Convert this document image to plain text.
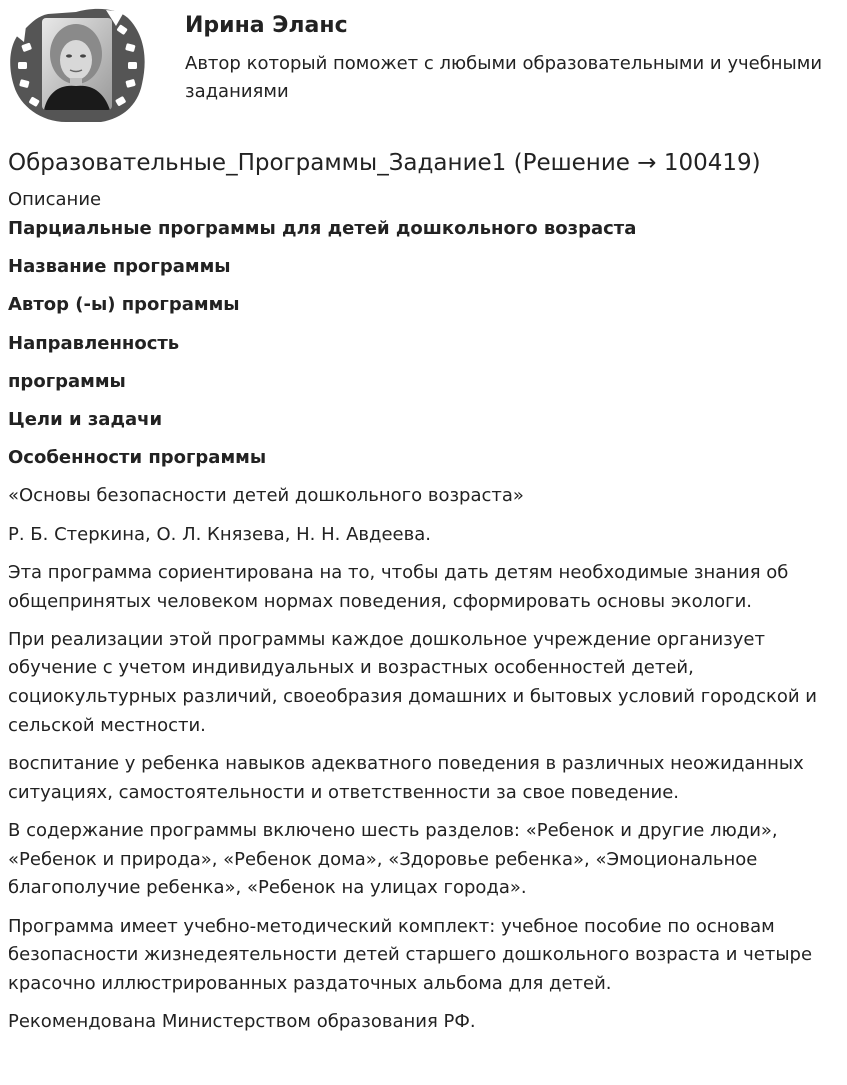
Ирина Эланс
Автор который поможет с любыми образовательными и учебными заданиями
Образовательные_Программы_Задание1 (Решение → 100419)
Описание

Парциальные программы для детей дошкольного возраста

Название программы

Автор (-ы) программы

Направленность

программы

Цели и задачи

Особенности программы

«Основы безопасности детей дошкольного возраста»

Р. Б. Стеркина, О. Л. Князева, Н. Н. Авдеева.

Эта программа сориентирована на то, чтобы дать детям необходимые знания об общепринятых человеком нормах поведения, сформировать основы экологи.

При реализации этой программы каждое дошкольное учреждение организует обучение с учетом индивидуальных и возрастных особенностей детей, социокультурных различий, своеобразия домашних и бытовых условий городской и сельской местности.

воспитание у ребенка навыков адекватного поведения в различных неожиданных ситуациях, самостоятельности и ответственности за свое поведение.

В содержание программы включено шесть разделов: «Ребенок и другие люди», «Ребенок и природа», «Ребенок дома», «Здоровье ребенка», «Эмоциональное благополучие ребенка», «Ребенок на улицах города».

Программа имеет учебно-методический комплект: учебное пособие по основам безопасности жизнедеятельности детей старшего дошкольного возраста и четыре красочно иллюстрированных раздаточных альбома для детей.

Рекомендована Министерством образования РФ.
